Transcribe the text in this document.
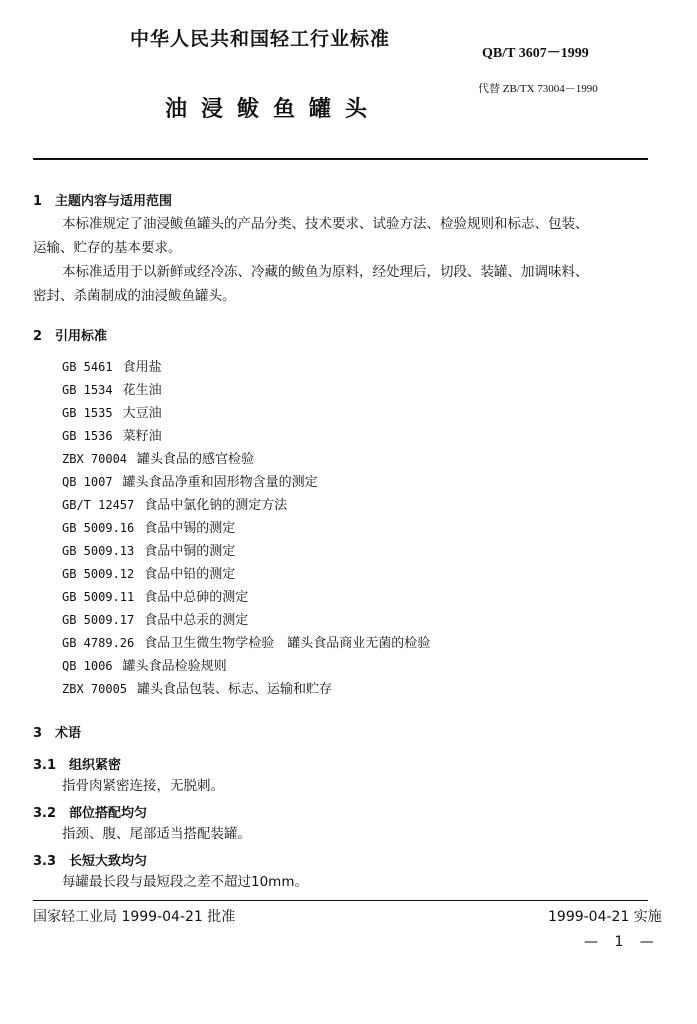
中华人民共和国轻工行业标准
QB/T 3607－1999
代替 ZB/TX 73004－1990
油浸鲅鱼罐头
1　主题内容与适用范围
本标准规定了油浸鲅鱼罐头的产品分类、技术要求、试验方法、检验规则和标志、包装、
运输、贮存的基本要求。
本标准适用于以新鲜或经冷冻、冷藏的鲅鱼为原料，经处理后，切段、装罐、加调味料、
密封、杀菌制成的油浸鲅鱼罐头。
2　引用标准
GB 5461 食用盐
GB 1534 花生油
GB 1535 大豆油
GB 1536 菜籽油
ZBX 70004 罐头食品的感官检验
QB 1007 罐头食品净重和固形物含量的测定
GB/T 12457 食品中氯化钠的测定方法
GB 5009.16 食品中锡的测定
GB 5009.13 食品中铜的测定
GB 5009.12 食品中铅的测定
GB 5009.11 食品中总砷的测定
GB 5009.17 食品中总汞的测定
GB 4789.26 食品卫生微生物学检验　罐头食品商业无菌的检验
QB 1006 罐头食品检验规则
ZBX 70005 罐头食品包装、标志、运输和贮存
3　术语
3.1　 组织紧密
指骨肉紧密连接，无脱刺。
3.2　 部位搭配均匀
指颈、腹、尾部适当搭配装罐。
3.3　 长短大致均匀
每罐最长段与最短段之差不超过10mm。
国家轻工业局 1999-04-21 批准	1999-04-21 实施
— 1 —
